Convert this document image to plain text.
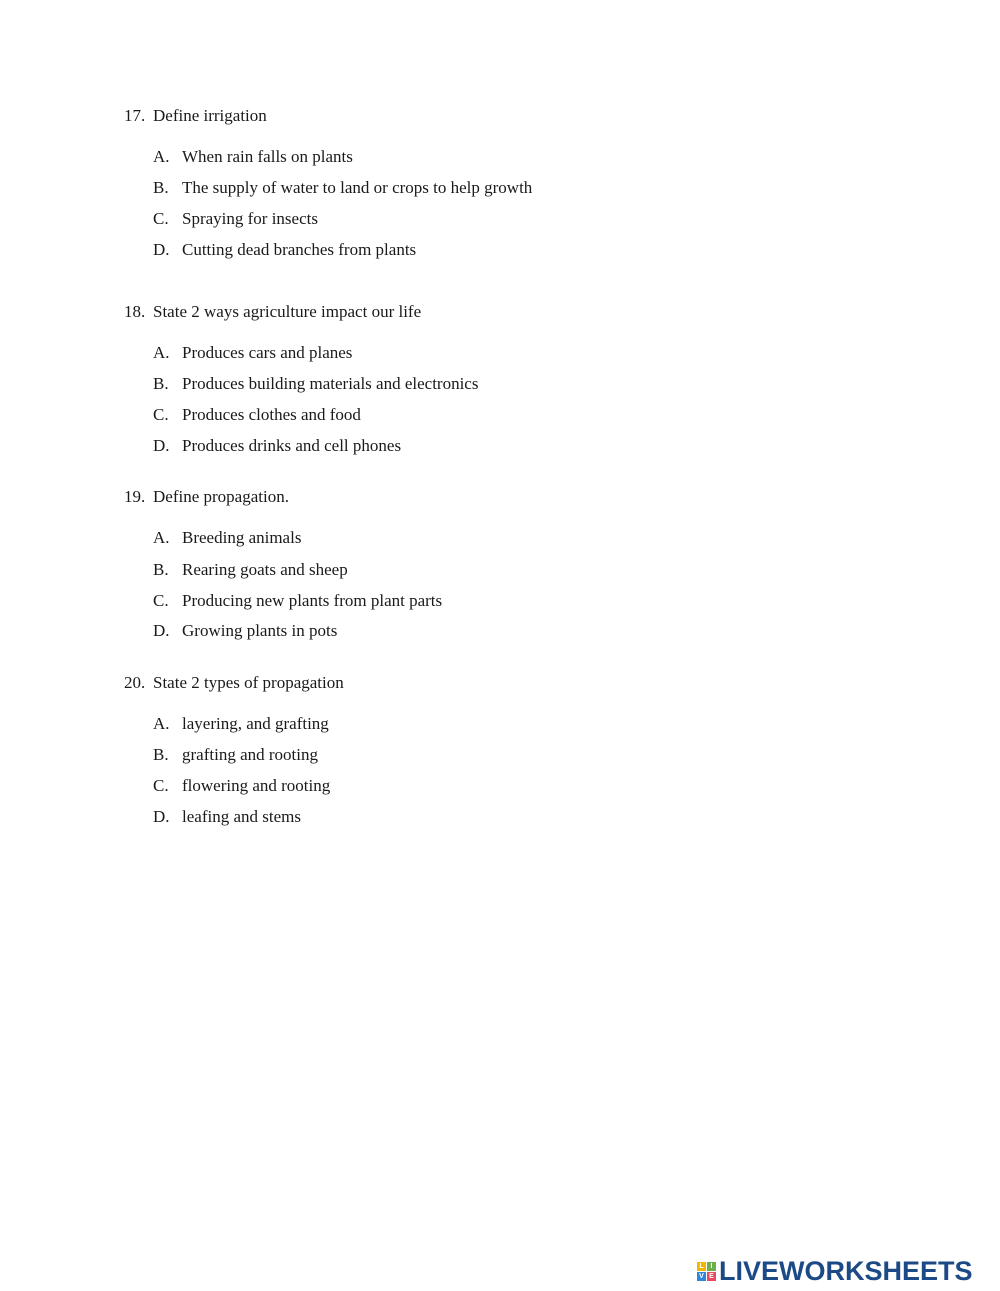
17. Define irrigation
A. When rain falls on plants
B. The supply of water to land or crops to help growth
C. Spraying for insects
D. Cutting dead branches from plants
18. State 2 ways agriculture impact our life
A. Produces cars and planes
B. Produces building materials and electronics
C. Produces clothes and food
D. Produces drinks and cell phones
19. Define propagation.
A. Breeding animals
B. Rearing goats and sheep
C. Producing new plants from plant parts
D. Growing plants in pots
20. State 2 types of propagation
A. layering, and grafting
B. grafting and rooting
C. flowering and rooting
D. leafing and stems
L I
V E LIVEWORKSHEETS
